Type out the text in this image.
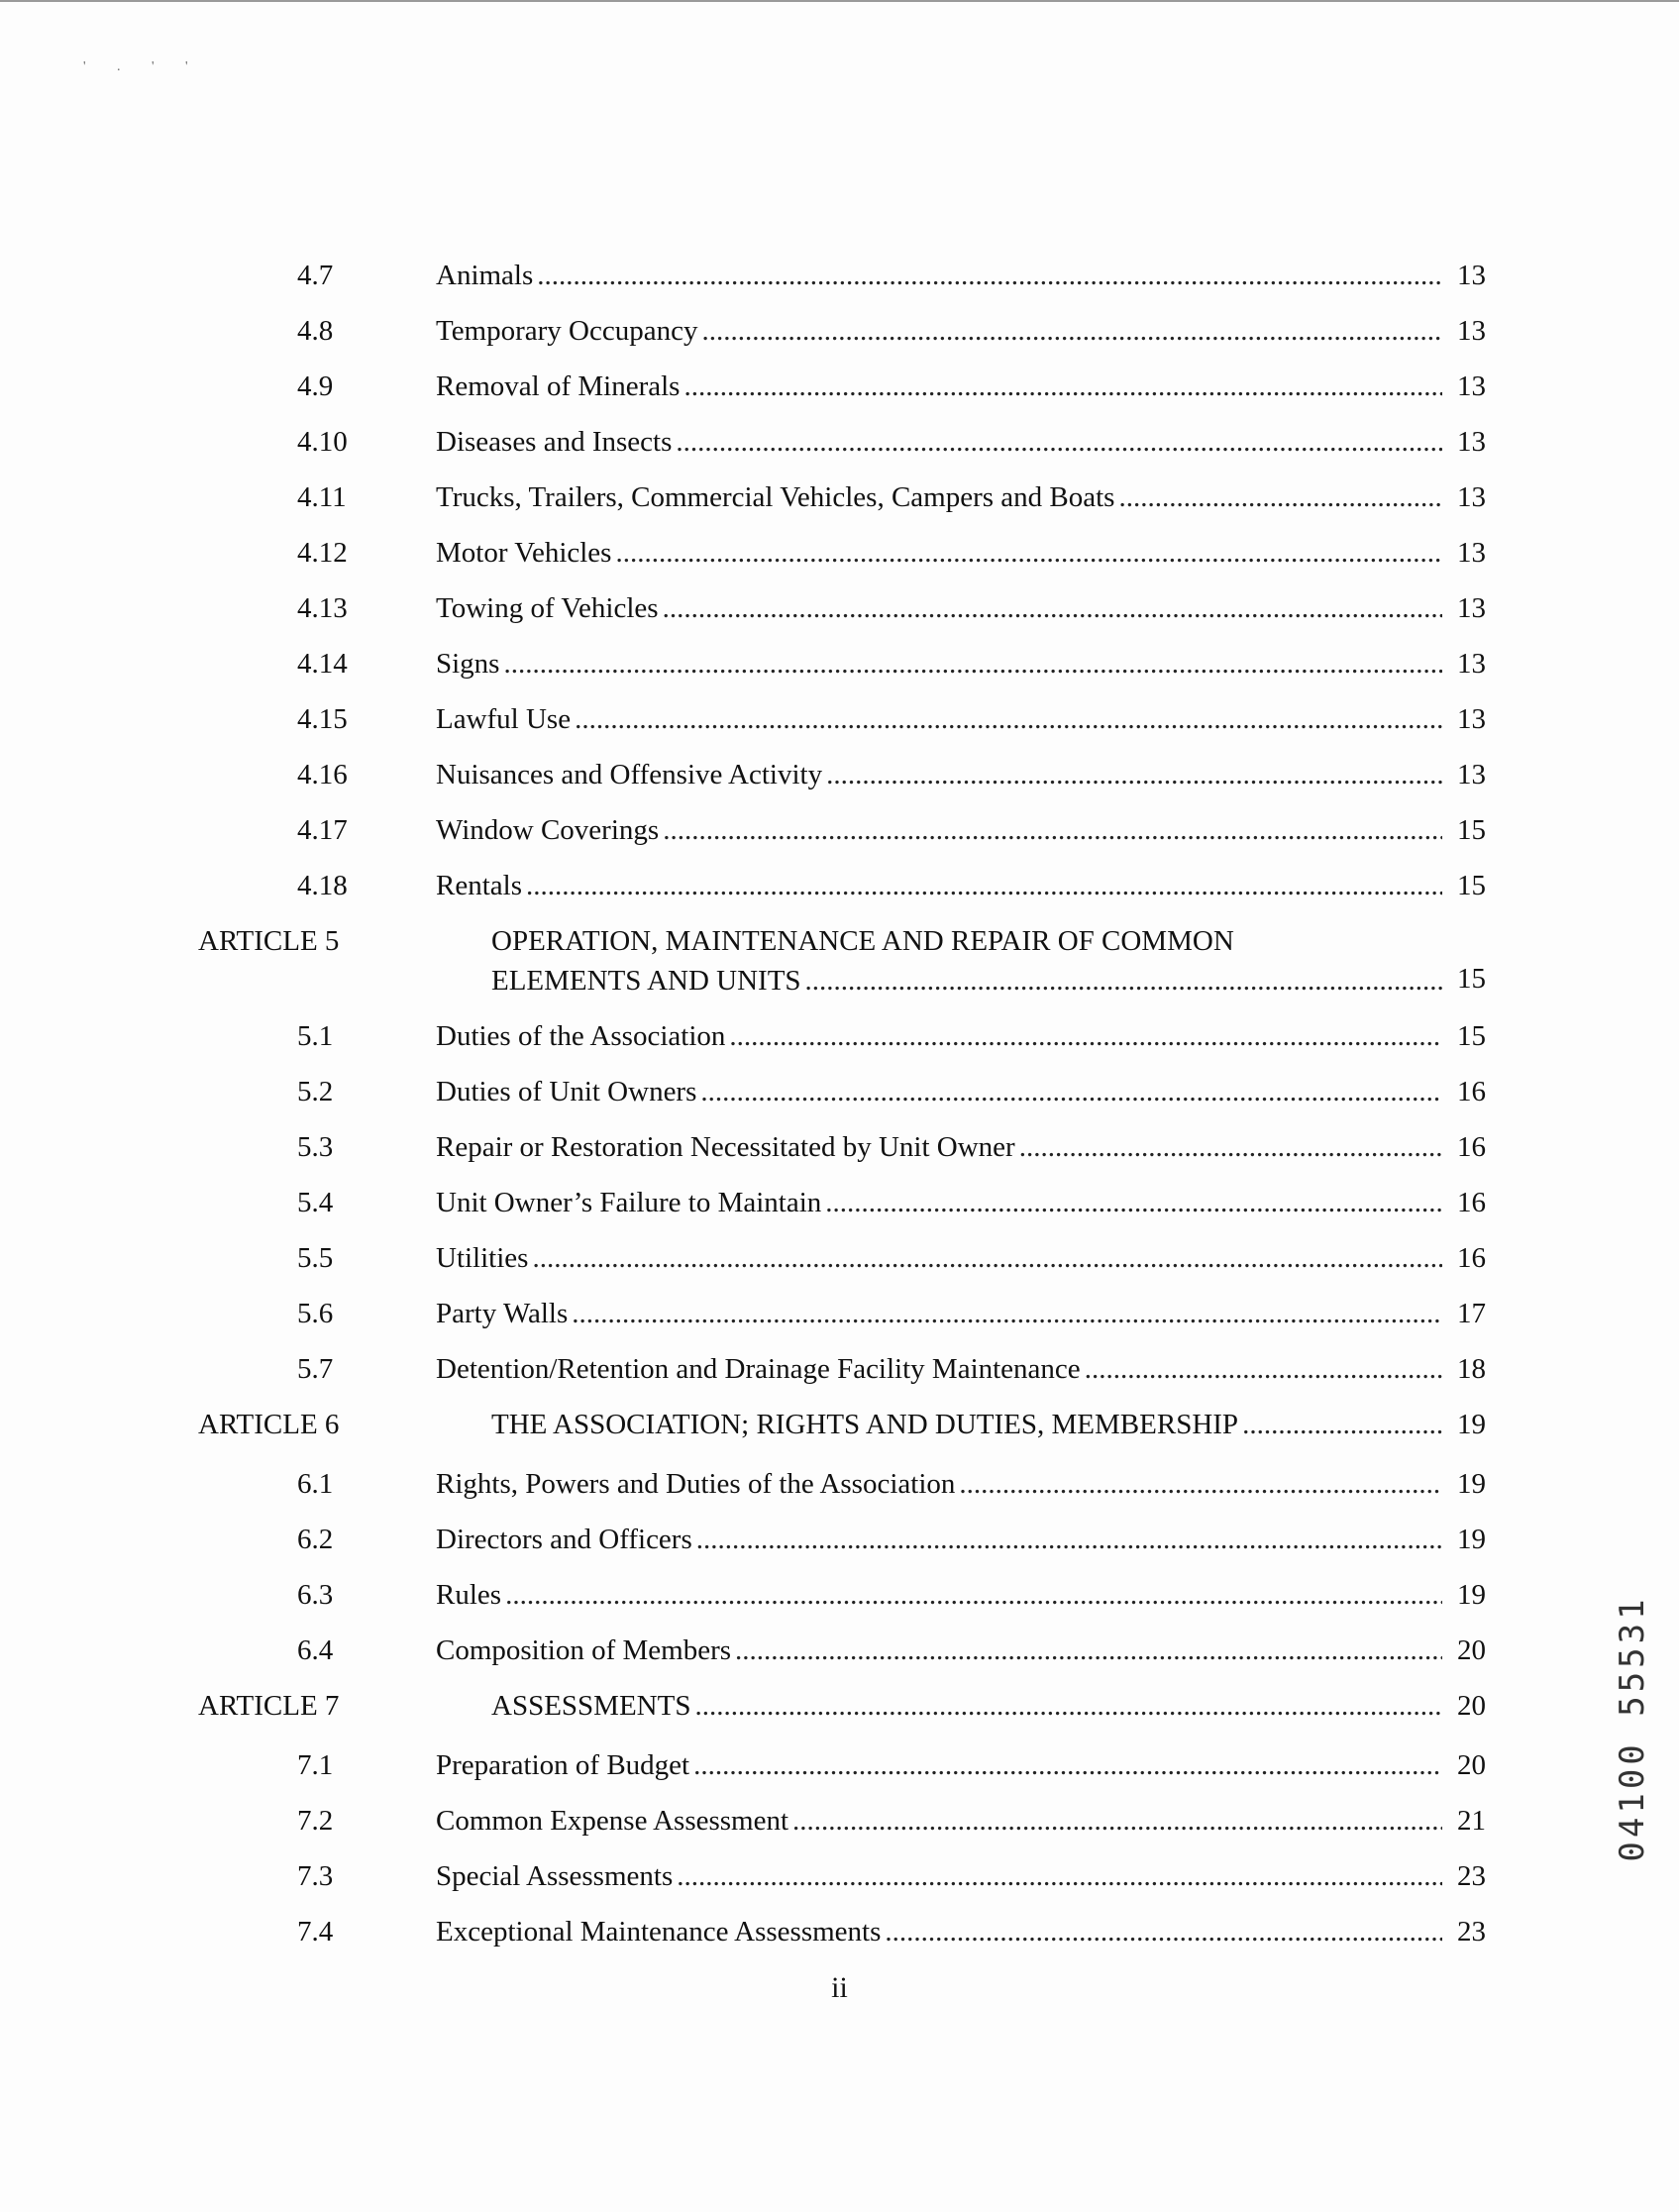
' . ' '
4.7	Animals .....	13
4.8	Temporary Occupancy .....	13
4.9	Removal of Minerals .....	13
4.10	Diseases and Insects .....	13
4.11	Trucks, Trailers, Commercial Vehicles, Campers and Boats .....	13
4.12	Motor Vehicles .....	13
4.13	Towing of Vehicles .....	13
4.14	Signs .....	13
4.15	Lawful Use .....	13
4.16	Nuisances and Offensive Activity .....	13
4.17	Window Coverings .....	15
4.18	Rentals .....	15
ARTICLE 5	OPERATION, MAINTENANCE AND REPAIR OF COMMON
ELEMENTS AND UNITS .....	15
5.1	Duties of the Association .....	15
5.2	Duties of Unit Owners .....	16
5.3	Repair or Restoration Necessitated by Unit Owner .....	16
5.4	Unit Owner’s Failure to Maintain .....	16
5.5	Utilities .....	16
5.6	Party Walls .....	17
5.7	Detention/Retention and Drainage Facility Maintenance .....	18
ARTICLE 6	THE ASSOCIATION; RIGHTS AND DUTIES, MEMBERSHIP .....	19
6.1	Rights, Powers and Duties of the Association .....	19
6.2	Directors and Officers .....	19
6.3	Rules .....	19
6.4	Composition of Members .....	20
ARTICLE 7	ASSESSMENTS .....	20
7.1	Preparation of Budget .....	20
7.2	Common Expense Assessment .....	21
7.3	Special Assessments .....	23
7.4	Exceptional Maintenance Assessments .....	23
ii
04100 55531
